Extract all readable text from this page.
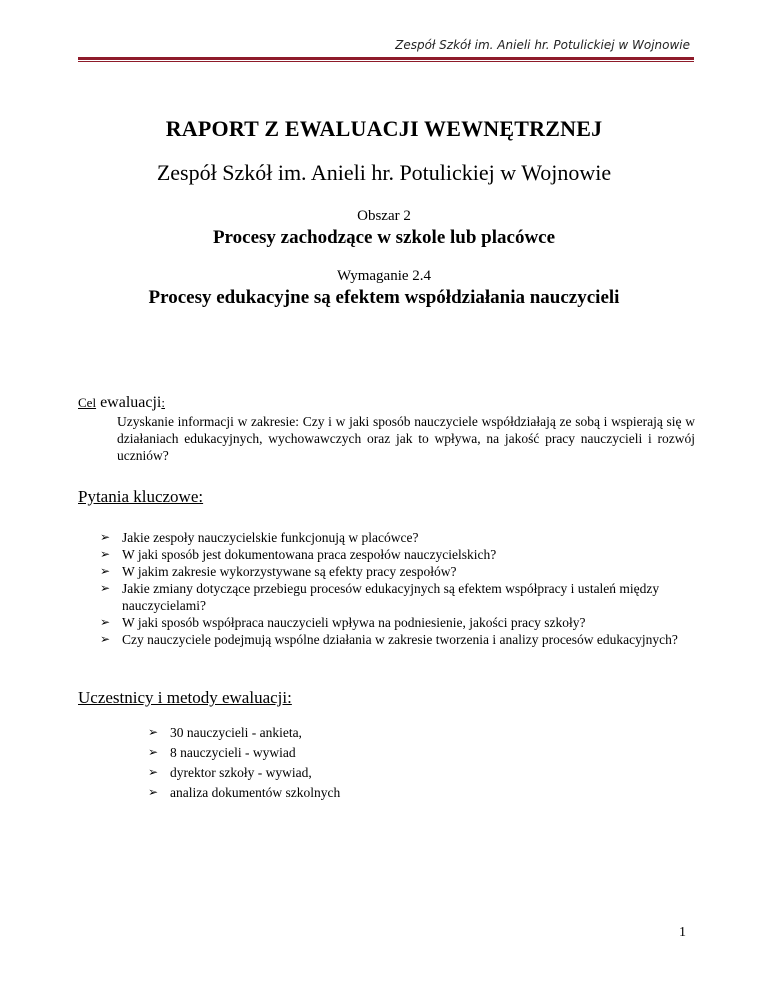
Zespół Szkół im. Anieli hr. Potulickiej w Wojnowie
RAPORT Z EWALUACJI WEWNĘTRZNEJ
Zespół Szkół im. Anieli hr. Potulickiej w Wojnowie
Obszar 2
Procesy zachodzące w szkole lub placówce
Wymaganie 2.4
Procesy edukacyjne są efektem współdziałania nauczycieli
Cel ewaluacji:
Uzyskanie informacji w zakresie: Czy i w jaki sposób nauczyciele współdziałają ze sobą i wspierają się w działaniach edukacyjnych, wychowawczych oraz jak to wpływa, na jakość pracy nauczycieli i rozwój uczniów?
Pytania kluczowe:
➢ Jakie zespoły nauczycielskie funkcjonują w placówce?
➢ W jaki sposób jest dokumentowana praca zespołów nauczycielskich?
➢ W jakim zakresie wykorzystywane są efekty pracy zespołów?
➢ Jakie zmiany dotyczące przebiegu procesów edukacyjnych są efektem współpracy i ustaleń między nauczycielami?
➢ W jaki sposób współpraca nauczycieli wpływa na podniesienie, jakości pracy szkoły?
➢ Czy nauczyciele podejmują wspólne działania w zakresie tworzenia i analizy procesów edukacyjnych?
Uczestnicy i metody ewaluacji:
➢ 30 nauczycieli - ankieta,
➢ 8 nauczycieli - wywiad
➢ dyrektor szkoły - wywiad,
➢ analiza dokumentów szkolnych
1
